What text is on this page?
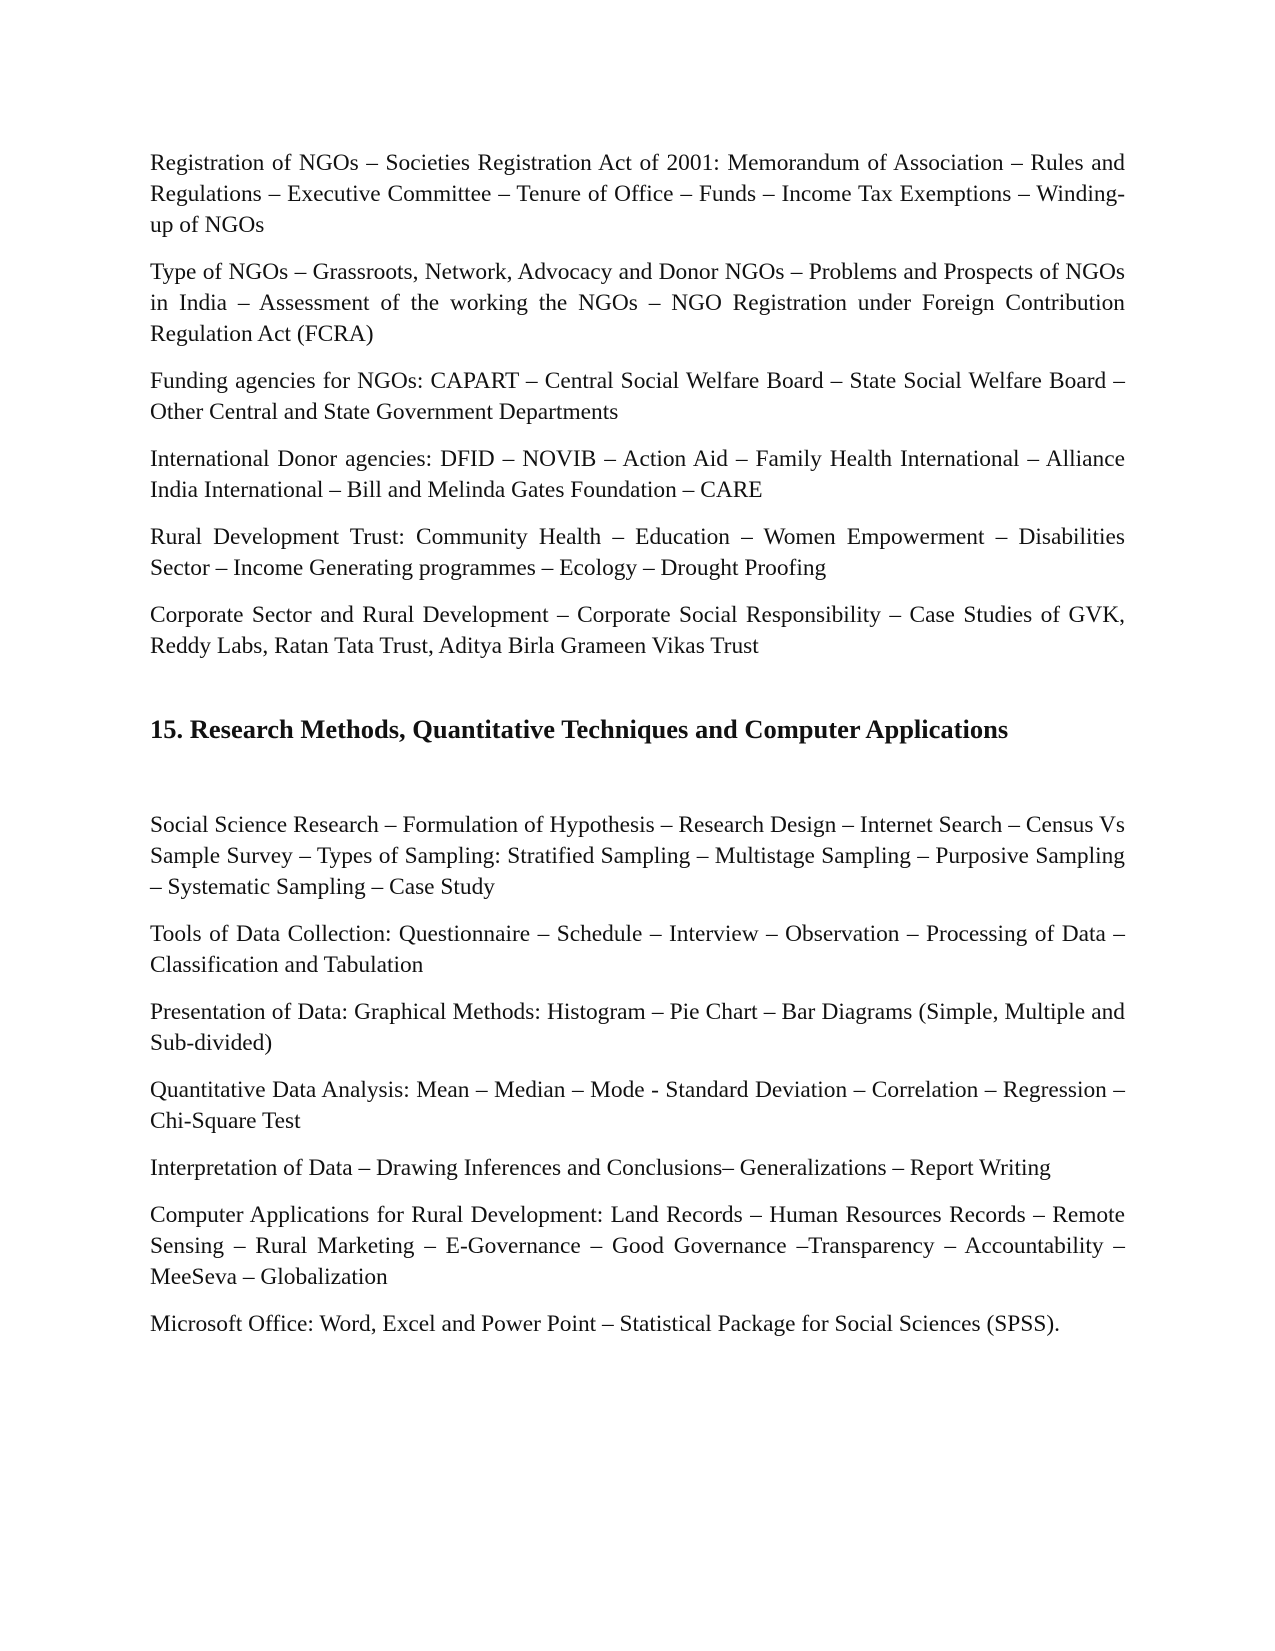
Registration of NGOs – Societies Registration Act of 2001: Memorandum of Association – Rules and Regulations – Executive Committee – Tenure of Office – Funds – Income Tax Exemptions – Winding-up of NGOs

Type of NGOs – Grassroots, Network, Advocacy and Donor NGOs – Problems and Prospects of NGOs in India – Assessment of the working the NGOs – NGO Registration under Foreign Contribution Regulation Act (FCRA)

Funding agencies for NGOs: CAPART – Central Social Welfare Board – State Social Welfare Board – Other Central and State Government Departments

International Donor agencies: DFID – NOVIB – Action Aid – Family Health International – Alliance India International – Bill and Melinda Gates Foundation – CARE

Rural Development Trust: Community Health – Education – Women Empowerment – Disabilities Sector – Income Generating programmes – Ecology – Drought Proofing

Corporate Sector and Rural Development – Corporate Social Responsibility – Case Studies of GVK, Reddy Labs, Ratan Tata Trust, Aditya Birla Grameen Vikas Trust

15. Research Methods, Quantitative Techniques and Computer Applications

Social Science Research – Formulation of Hypothesis – Research Design – Internet Search – Census Vs Sample Survey – Types of Sampling: Stratified Sampling – Multistage Sampling – Purposive Sampling – Systematic Sampling – Case Study

Tools of Data Collection: Questionnaire – Schedule – Interview – Observation – Processing of Data – Classification and Tabulation

Presentation of Data: Graphical Methods: Histogram – Pie Chart – Bar Diagrams (Simple, Multiple and Sub-divided)

Quantitative Data Analysis: Mean – Median – Mode - Standard Deviation – Correlation – Regression – Chi-Square Test

Interpretation of Data – Drawing Inferences and Conclusions– Generalizations – Report Writing

Computer Applications for Rural Development: Land Records – Human Resources Records – Remote Sensing – Rural Marketing – E-Governance – Good Governance –Transparency – Accountability – MeeSeva – Globalization

Microsoft Office: Word, Excel and Power Point – Statistical Package for Social Sciences (SPSS).
